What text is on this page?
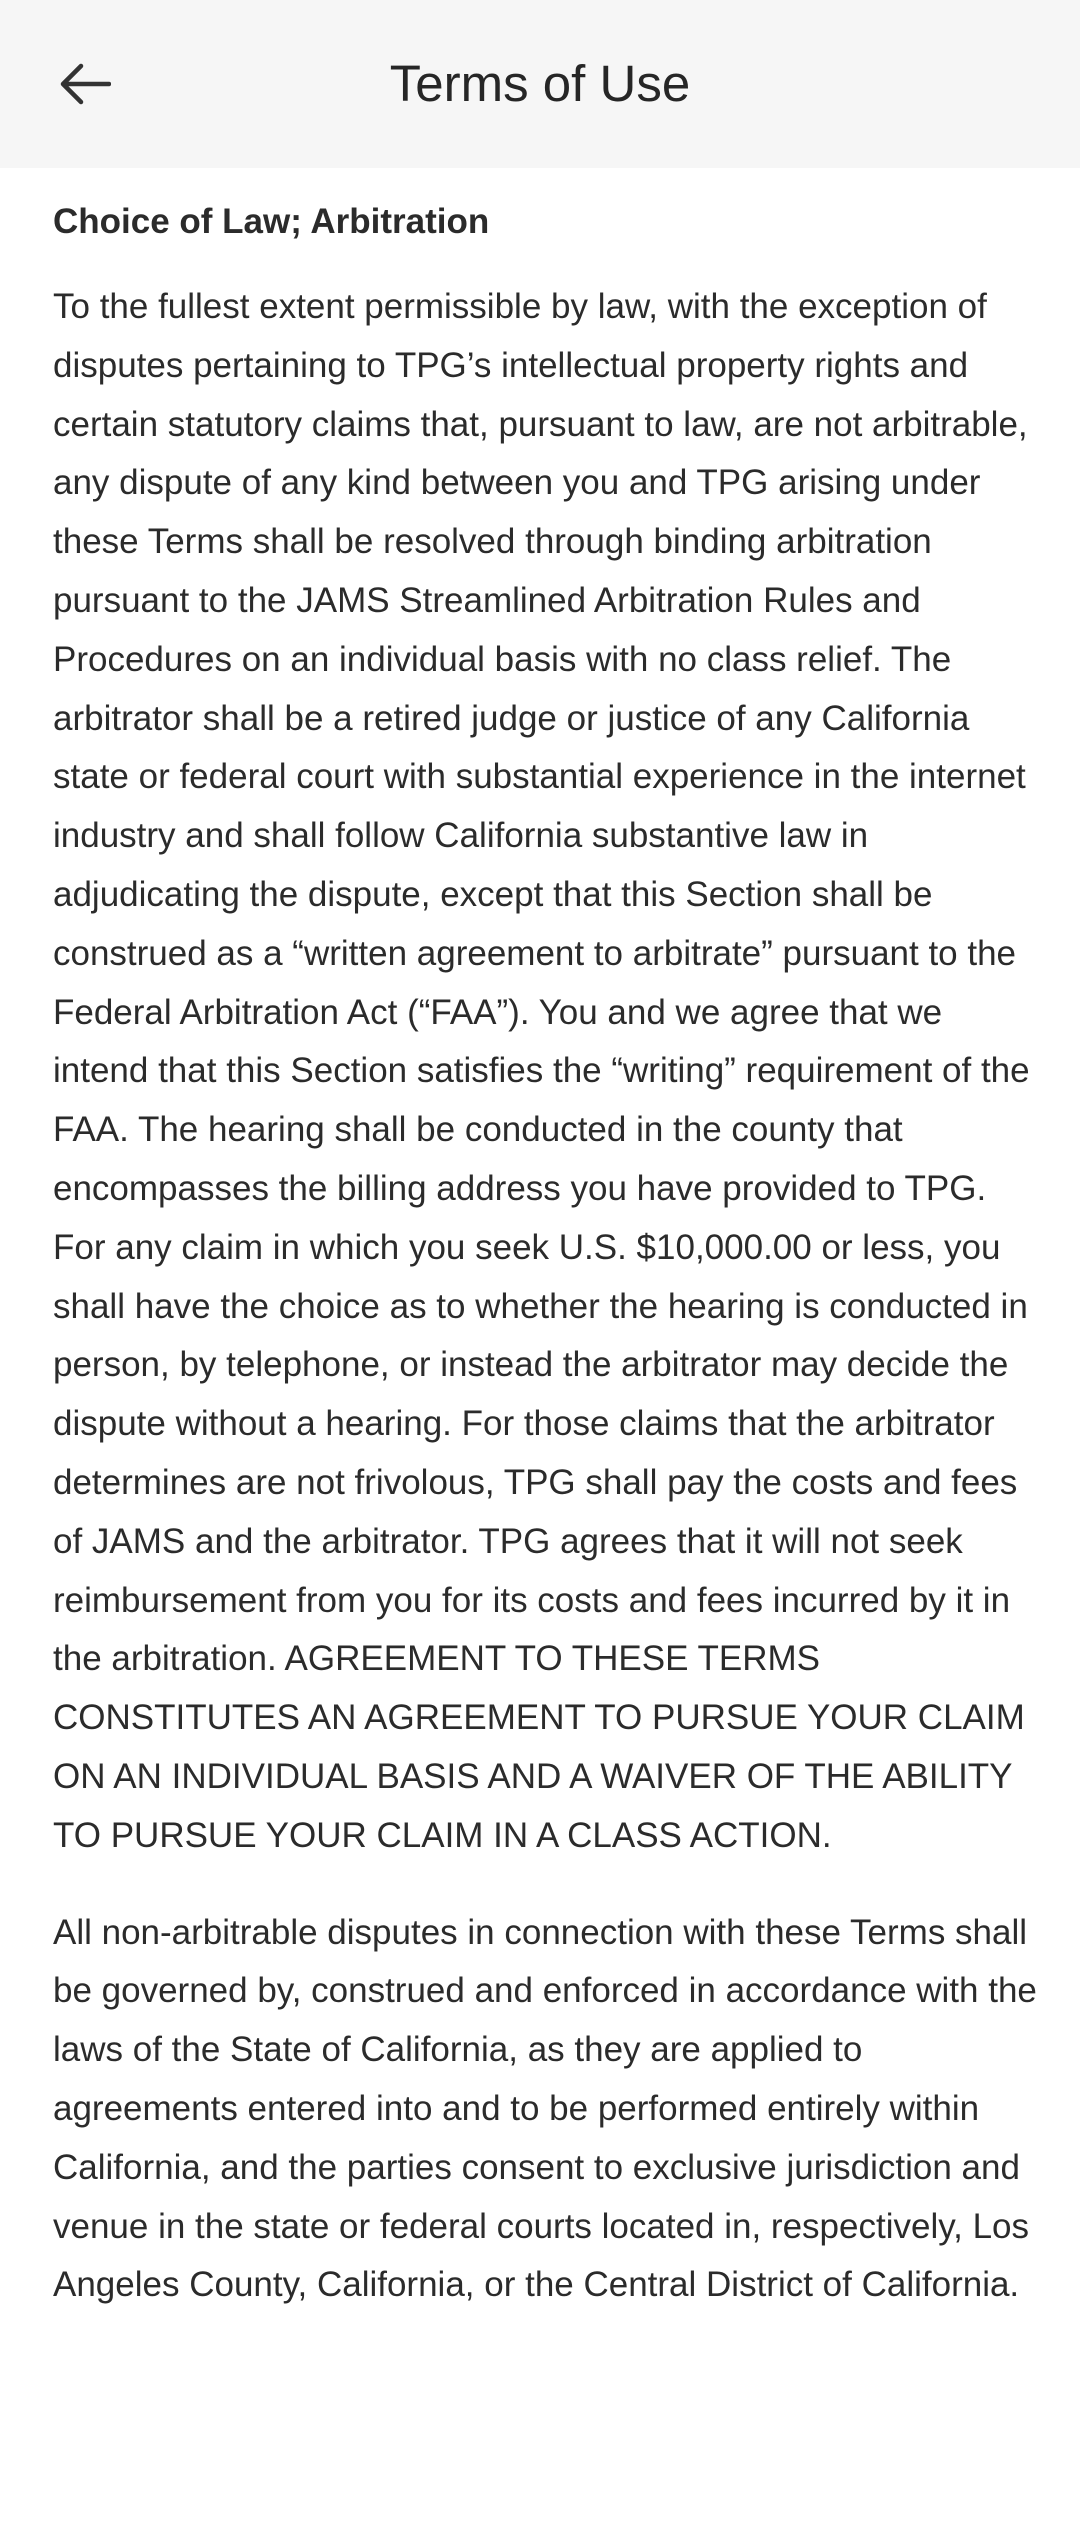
Terms of Use
Choice of Law; Arbitration

To the fullest extent permissible by law, with the exception of disputes pertaining to TPG’s intellectual property rights and certain statutory claims that, pursuant to law, are not arbitrable, any dispute of any kind between you and TPG arising under these Terms shall be resolved through binding arbitration pursuant to the JAMS Streamlined Arbitration Rules and Procedures on an individual basis with no class relief. The arbitrator shall be a retired judge or justice of any California state or federal court with substantial experience in the internet industry and shall follow California substantive law in adjudicating the dispute, except that this Section shall be construed as a “written agreement to arbitrate” pursuant to the Federal Arbitration Act (“FAA”). You and we agree that we intend that this Section satisfies the “writing” requirement of the FAA. The hearing shall be conducted in the county that encompasses the billing address you have provided to TPG. For any claim in which you seek U.S. $10,000.00 or less, you shall have the choice as to whether the hearing is conducted in person, by telephone, or instead the arbitrator may decide the dispute without a hearing. For those claims that the arbitrator determines are not frivolous, TPG shall pay the costs and fees of JAMS and the arbitrator. TPG agrees that it will not seek reimbursement from you for its costs and fees incurred by it in the arbitration. AGREEMENT TO THESE TERMS CONSTITUTES AN AGREEMENT TO PURSUE YOUR CLAIM ON AN INDIVIDUAL BASIS AND A WAIVER OF THE ABILITY TO PURSUE YOUR CLAIM IN A CLASS ACTION.

All non-arbitrable disputes in connection with these Terms shall be governed by, construed and enforced in accordance with the laws of the State of California, as they are applied to agreements entered into and to be performed entirely within California, and the parties consent to exclusive jurisdiction and venue in the state or federal courts located in, respectively, Los Angeles County, California, or the Central District of California.
